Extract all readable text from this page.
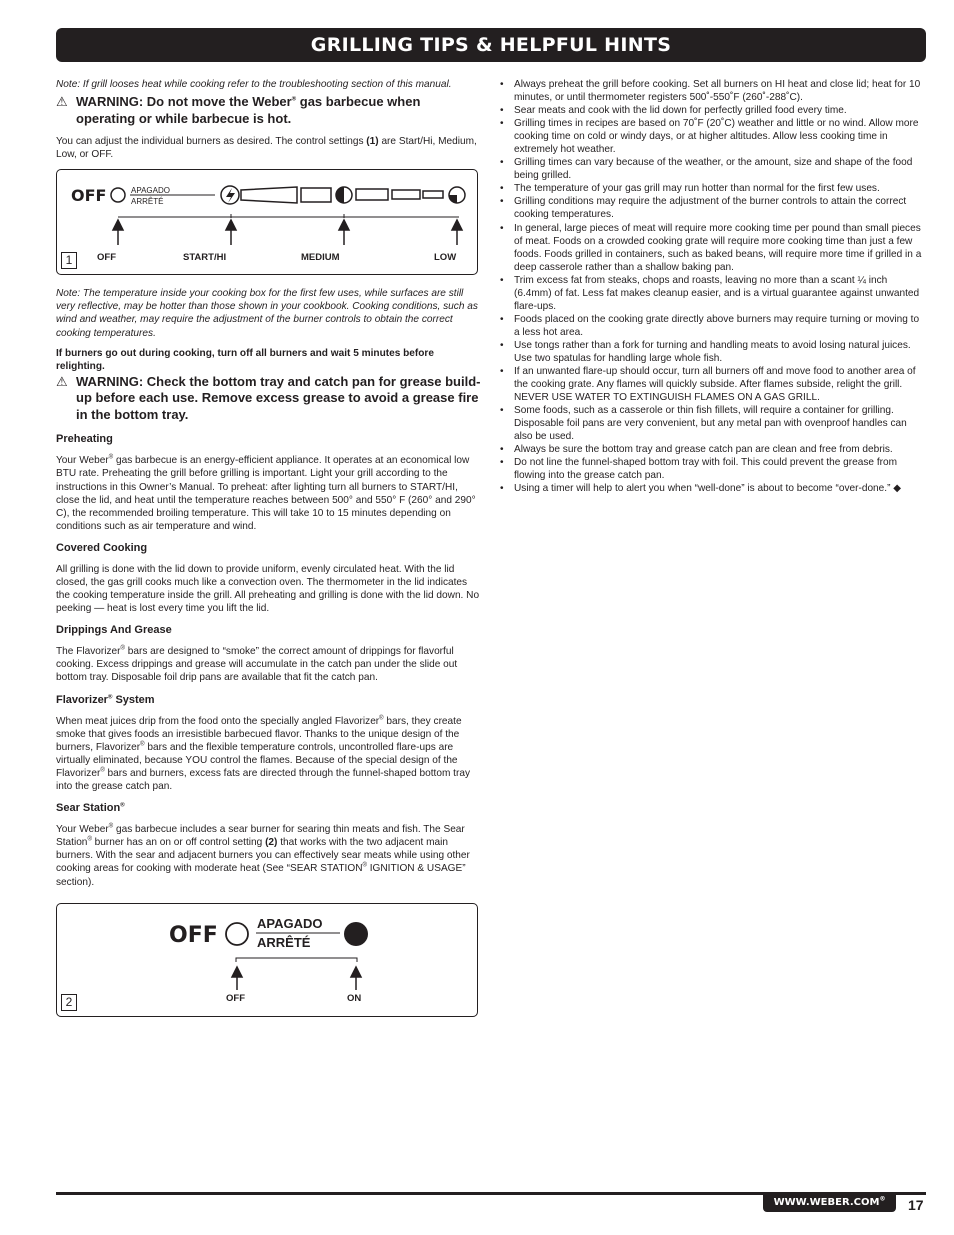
GRILLING TIPS & HELPFUL HINTS

Note: If grill looses heat while cooking refer to the troubleshooting section of this manual.

⚠ WARNING: Do not move the Weber® gas barbecue when operating or while barbecue is hot.

You can adjust the individual burners as desired. The control settings (1) are Start/Hi, Medium, Low, or OFF.

OFF	APAGADO
ARRÊTÉ
OFF	START/HI	MEDIUM	LOW
1

Note: The temperature inside your cooking box for the first few uses, while surfaces are still very reflective, may be hotter than those shown in your cookbook. Cooking conditions, such as wind and weather, may require the adjustment of the burner controls to obtain the correct cooking temperatures.

If burners go out during cooking, turn off all burners and wait 5 minutes before relighting.

⚠ WARNING: Check the bottom tray and catch pan for grease build-up before each use. Remove excess grease to avoid a grease fire in the bottom tray.
Preheating

Your Weber® gas barbecue is an energy-efficient appliance. It operates at an economical low BTU rate. Preheating the grill before grilling is important. Light your grill according to the instructions in this Owner’s Manual. To preheat: after lighting turn all burners to START/HI, close the lid, and heat until the temperature reaches between 500° and 550° F (260° and 290° C), the recommended broiling temperature. This will take 10 to 15 minutes depending on conditions such as air temperature and wind.

Covered Cooking

All grilling is done with the lid down to provide uniform, evenly circulated heat. With the lid closed, the gas grill cooks much like a convection oven. The thermometer in the lid indicates the cooking temperature inside the grill. All preheating and grilling is done with the lid down. No peeking — heat is lost every time you lift the lid.

Drippings And Grease

The Flavorizer® bars are designed to “smoke” the correct amount of drippings for flavorful cooking. Excess drippings and grease will accumulate in the catch pan under the slide out bottom tray. Disposable foil drip pans are available that fit the catch pan.

Flavorizer® System

When meat juices drip from the food onto the specially angled Flavorizer® bars, they create smoke that gives foods an irresistible barbecued flavor. Thanks to the unique design of the burners, Flavorizer® bars and the flexible temperature controls, uncontrolled flare-ups are virtually eliminated, because YOU control the flames. Because of the special design of the Flavorizer® bars and burners, excess fats are directed through the funnel-shaped bottom tray into the grease catch pan.

Sear Station®

Your Weber® gas barbecue includes a sear burner for searing thin meats and fish. The Sear Station® burner has an on or off control setting (2) that works with the two adjacent main burners. With the sear and adjacent burners you can effectively sear meats while using other cooking areas for cooking with moderate heat (See “SEAR STATION® IGNITION & USAGE” section).

OFF	APAGADO
ARRÊTÉ
OFF	ON
2
• Always preheat the grill before cooking. Set all burners on HI heat and close lid; heat for 10 minutes, or until thermometer registers 500˚-550˚F (260˚-288˚C).
• Sear meats and cook with the lid down for perfectly grilled food every time.
• Grilling times in recipes are based on 70˚F (20˚C) weather and little or no wind. Allow more cooking time on cold or windy days, or at higher altitudes. Allow less cooking time in extremely hot weather.
• Grilling times can vary because of the weather, or the amount, size and shape of the food being grilled.
• The temperature of your gas grill may run hotter than normal for the first few uses.
• Grilling conditions may require the adjustment of the burner controls to attain the correct cooking temperatures.
• In general, large pieces of meat will require more cooking time per pound than small pieces of meat. Foods on a crowded cooking grate will require more cooking time than just a few foods. Foods grilled in containers, such as baked beans, will require more time if grilled in a deep casserole rather than a shallow baking pan.
• Trim excess fat from steaks, chops and roasts, leaving no more than a scant ¼ inch (6.4mm) of fat. Less fat makes cleanup easier, and is a virtual guarantee against unwanted flare-ups.
• Foods placed on the cooking grate directly above burners may require turning or moving to a less hot area.
• Use tongs rather than a fork for turning and handling meats to avoid losing natural juices. Use two spatulas for handling large whole fish.
• If an unwanted flare-up should occur, turn all burners off and move food to another area of the cooking grate. Any flames will quickly subside. After flames subside, relight the grill. NEVER USE WATER TO EXTINGUISH FLAMES ON A GAS GRILL.
• Some foods, such as a casserole or thin fish fillets, will require a container for grilling. Disposable foil pans are very convenient, but any metal pan with ovenproof handles can also be used.
• Always be sure the bottom tray and grease catch pan are clean and free from debris.
• Do not line the funnel-shaped bottom tray with foil. This could prevent the grease from flowing into the grease catch pan.
• Using a timer will help to alert you when “well-done” is about to become “over-done.” ◆
WWW.WEBER.COM®	17
